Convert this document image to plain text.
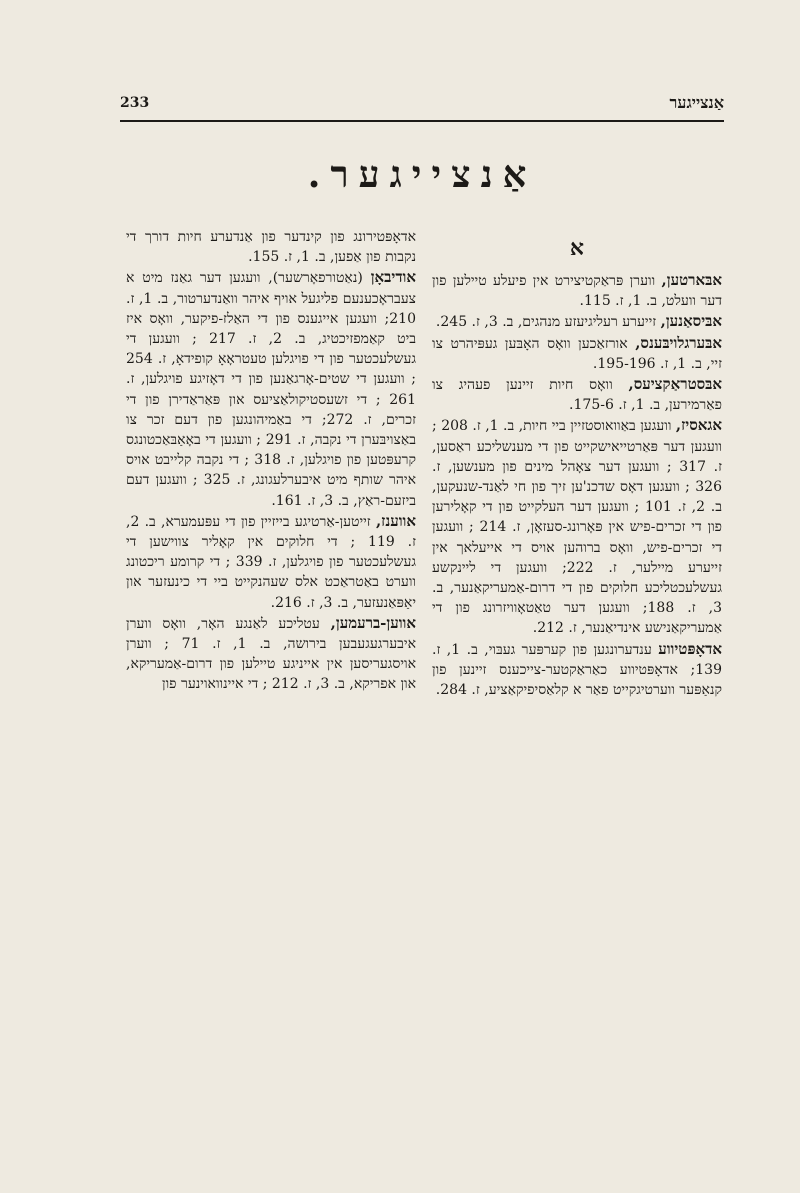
233	אַנצייגער
אַנצייגער.
א

אבּארטען, ווערן פּראַקטיצירט אין פיעלע טיילען פון דער וועלט, ב. 1, ז. 115.

אבּיסאַנען, זייערע רעליגיעזע מנהגים, ב. 3, ז. 245.

אבּערגלויבּענס, אורזאַכען וואָס האָבּען געפּיהרט צו זיי, ב. 1, ז. 195-196.

אבּסטראַקציעס, וואָס חיות זיינען פעהיג צו פאַרמירען, ב. 1, ז. 175-6.

אגאסיז, וועגען באַוואוסטזיין ביי חיות, ב. 1, ז. 208 ; וועגען דער פּאַרטייאישקייט פון די מענשליכע ראַסען, ז. 317 ; וועגען דער צאָהל מינים פון מענשען, ז. 326 ; וועגען דאָס שדכנ'ען זיך פון חי לאַנד-שנעקען, ב. 2, ז. 101 ; וועגען דער העלקייט פון די קאָלירען פון די זכרים-פיש אין פּאָרונג-סעזאָן, ז. 214 ; וועגען די זכרים-פיש, וואָס ברוהען אויס די אייעלאך אין זייערע מיילער, ז. 222; וועגען די ליינקשע געשלעכטליכע חלוקים פון די דרום-אַמעריקאַנער, ב. 3, ז. 188; וועגען דער טאַטאָוויזרונג פון די אַמעריקאַנישע אינדיאַנער, ז. 212.

אדאָפּטיווע ענדערונגען פון קערפּער געבּוי, ב. 1, ז. 139; אדאָפּטיווע כאַראַקטער-צייכענס זיינען פון קנאַפּער ווערטיגקייט פאַר א קלאַסיפיקאַציע, ז. 284.

אדאָפּטירונג פון קינדער פון אַנדערע חיות דורך די נקבות פון אַפען, ב. 1, ז. 155.

אודיבאָן (נאַטורפאָרשער), וועגען דער גאַנז מיט א צעבראָכענעם פליגעל אויף איהר וואַנדערטור, ב. 1, ז. 210; וועגען אייגענס פון די האַלז-פיקער, וואָס איז ביט קאַמפזיכטיג, ב. 2, ז. 217 ; וועגען די געשלעכטער פון די פויגלען טעטראָאָ קופידאָ, ז. 254 ; וועגען די שטים-אָרגאַנען פון די דאָזיגע פויגלען, ז. 261 ; די זשעסטיקולאַציעס און פּאַראַדירן פון די זכרים, ז. 272; די באַמיהונגען פון דעם זכר צו באַצויבּערן די נקבה, ז. 291 ; וועגען די באָאַבּאַכטונגס קרעפּטען פון פויגלען, ז. 318 ; די נקבה קלייבט אויס איהר שותף מיט איבערלעגונג, ז. 325 ; וועגען דעם ביזעם-ראַץ, ב. 3, ז. 161.

אווענז, זייטען-אַרטיגע בייזיין פון די עפּעמערא, ב. 2, ז. 119 ; די חלוקים אין קאָליר צווישען די געשלעכטער פון פויגלען, ז. 339 ; די קרומע ריכטונג ווערט באַטראַכט אלס שעהנקייט ביי די כינעזער און יאַפּאַנעזער, ב. 3, ז. 216.

אווען-ברעמען, עטליכע לאַנגע האָר, וואָס ווערן איבערגעגעבען בירושה, ב. 1, ז. 71 ; ווערן אויסגעריסען אין אייניגע טיילען פון דרום-אַמעריקא, און אפריקא, ב. 3, ז. 212 ; די איינוואוינער פון
